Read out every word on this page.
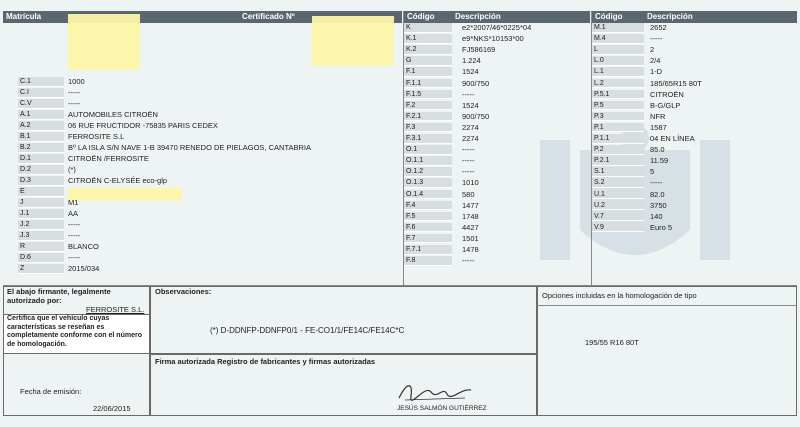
Matrícula	Certificado Nº	Código	Descripción	Código	Descripción
C.1	1000
C.I	-----
C.V	-----
A.1	AUTOMOBILES CITROËN
A.2	06 RUE FRUCTIDOR -75835 PARIS CEDEX
B.1	FERROSITE S.L
B.2	Bº LA ISLA S/N NAVE 1-B 39470 RENEDO DE PIELAGOS, CANTABRIA
D.1	CITROËN /FERROSITE
D.2	(*)
D.3	CITROËN C-ELYSÉE eco-glp
E
J	M1
J.1	AA
J.2	-----
J.3	-----
R	BLANCO
D.6	-----
Z	2015/034
K	e2*2007/46*0225*04
K.1	e9*NKS*10153*00
K.2	FJ586169
G	1.224
F.1	1524
F.1.1	900/750
F.1.5	-----
F.2	1524
F.2.1	900/750
F.3	2274
F.3.1	2274
O.1	-----
O.1.1	-----
O.1.2	-----
O.1.3	1010
O.1.4	580
F.4	1477
F.5	1748
F.6	4427
F.7	1501
F.7.1	1478
F.8	-----
M.1	2652
M.4	-----
L	2
L.0	2/4
L.1	1-D
L.2	185/65R15 80T
P.5.1	CITROËN
P.5	B-G/GLP
P.3	NFR
P.1	1587
P.1.1	04 EN LÍNEA
P.2	85.0
P.2.1	11.59
S.1	5
S.2	-----
U.1	82.0
U.2	3750
V.7	140
V.9	Euro 5
El abajo firmante, legalmente autorizado por:
FERROSITE S.L.
Certifica que el vehículo cuyas características se reseñan es completamente conforme con el número de homologación.
Fecha de emisión:
22/06/2015
Observaciones:
(*) D-DDNFP-DDNFP0/1 - FE-CO1/1/FE14C/FE14C*C
Firma autorizada Registro de fabricantes y firmas autorizadas
JESÚS SALMÓN GUTIÉRREZ
Opciones incluidas en la homologación de tipo
195/55 R16 80T
